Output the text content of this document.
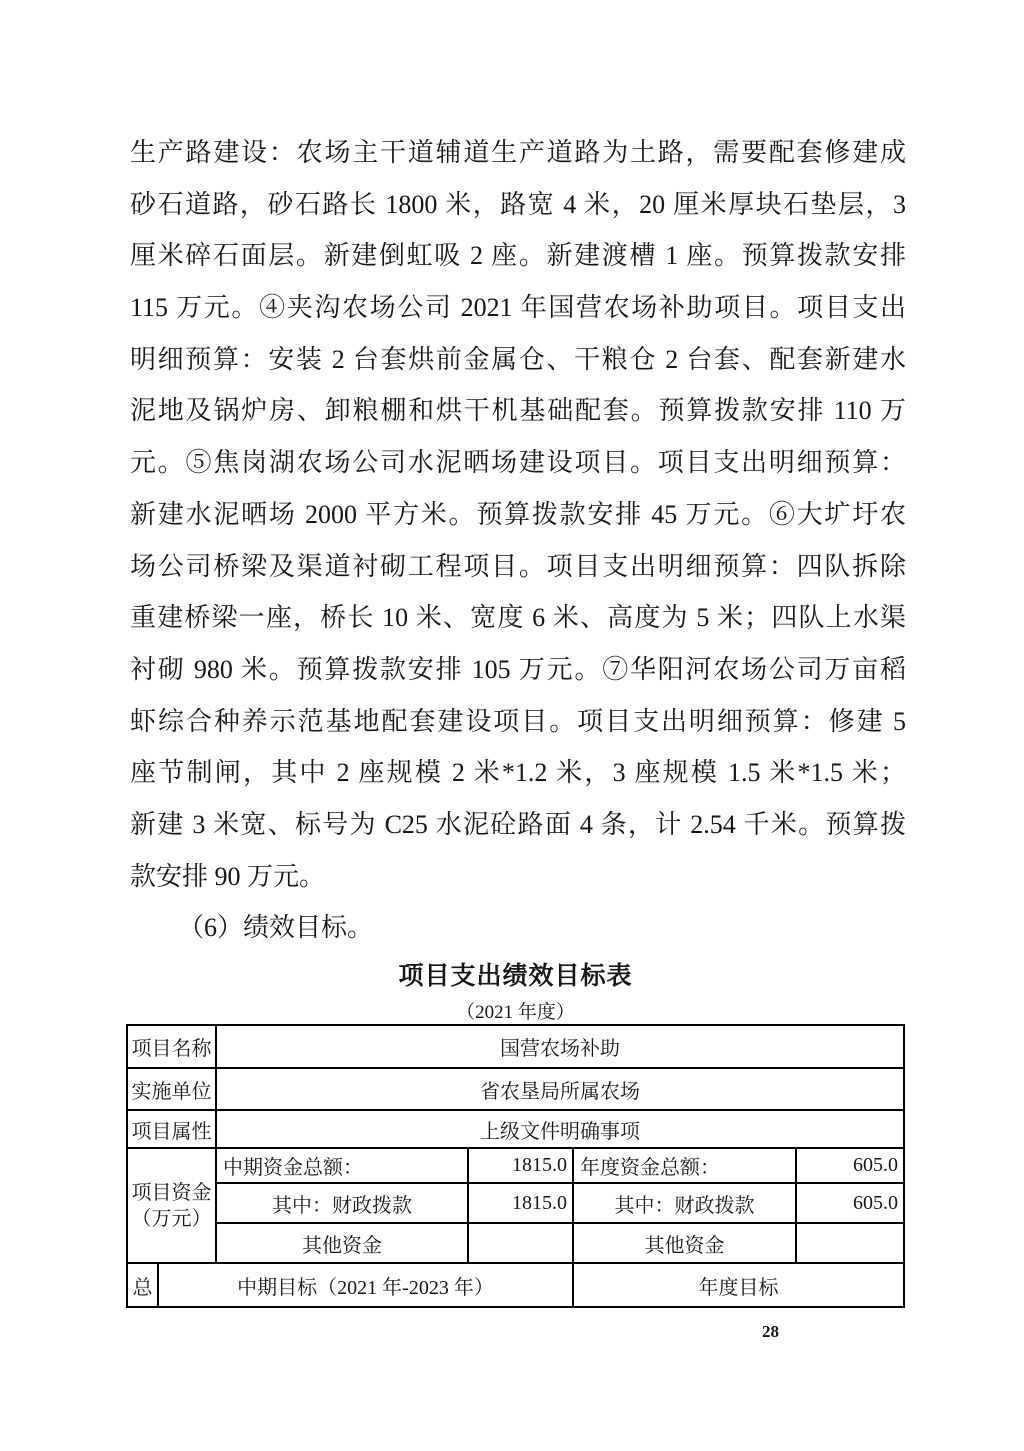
生产路建设：农场主干道辅道生产道路为土路，需要配套修建成
砂石道路，砂石路长 1800 米，路宽 4 米，20 厘米厚块石垫层，3
厘米碎石面层。新建倒虹吸 2 座。新建渡槽 1 座。预算拨款安排
115 万元。④夹沟农场公司 2021 年国营农场补助项目。项目支出
明细预算：安装 2 台套烘前金属仓、干粮仓 2 台套、配套新建水
泥地及锅炉房、卸粮棚和烘干机基础配套。预算拨款安排 110 万
元。⑤焦岗湖农场公司水泥晒场建设项目。项目支出明细预算：
新建水泥晒场 2000 平方米。预算拨款安排 45 万元。⑥大圹圩农
场公司桥梁及渠道衬砌工程项目。项目支出明细预算：四队拆除
重建桥梁一座，桥长 10 米、宽度 6 米、高度为 5 米；四队上水渠
衬砌 980 米。预算拨款安排 105 万元。⑦华阳河农场公司万亩稻
虾综合种养示范基地配套建设项目。项目支出明细预算：修建 5
座节制闸，其中 2 座规模 2 米*1.2 米，3 座规模 1.5 米*1.5 米；
新建 3 米宽、标号为 C25 水泥砼路面 4 条，计 2.54 千米。预算拨
款安排 90 万元。
（6）绩效目标。
项目支出绩效目标表
（2021 年度）
项目名称	国营农场补助
实施单位	省农垦局所属农场
项目属性	上级文件明确事项
项目资金
（万元）
中期资金总额：	1815.0 年度资金总额：	605.0
其中：财政拨款	1815.0	其中：财政拨款	605.0
其他资金	其他资金
总	中期目标（2021 年-2023 年）	年度目标
28
